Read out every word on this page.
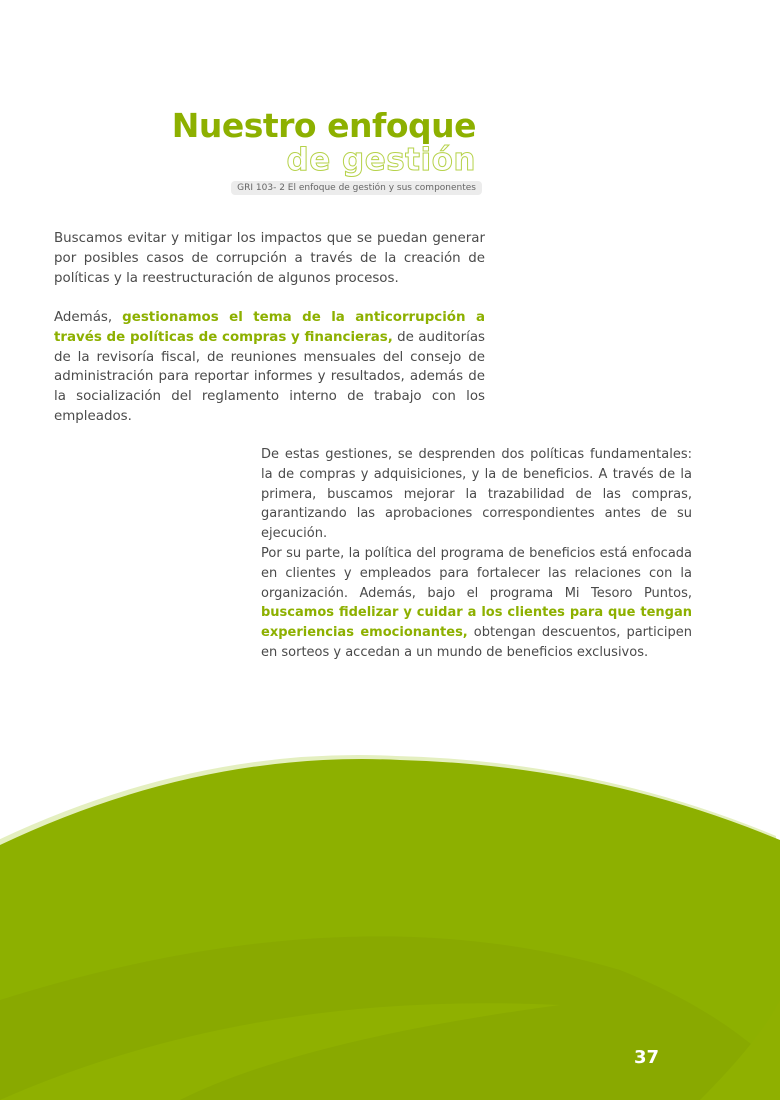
Nuestro enfoque
de gestión
GRI 103- 2 El enfoque de gestión y sus componentes

Buscamos evitar y mitigar los impactos que se puedan generar por posibles casos de corrupción a través de la creación de políticas y la reestructuración de algunos procesos.

Además, gestionamos el tema de la anticorrupción a través de políticas de compras y financieras, de auditorías de la revisoría fiscal, de reuniones mensuales del consejo de administración para reportar informes y resultados, además de la socialización del reglamento interno de trabajo con los empleados.

De estas gestiones, se desprenden dos políticas fundamentales: la de compras y adquisiciones, y la de beneficios. A través de la primera, buscamos mejorar la trazabilidad de las compras, garantizando las aprobaciones correspondientes antes de su ejecución.

Por su parte, la política del programa de beneficios está enfocada en clientes y empleados para fortalecer las relaciones con la organización. Además, bajo el programa Mi Tesoro Puntos, buscamos fidelizar y cuidar a los clientes para que tengan experiencias emocionantes, obtengan descuentos, participen en sorteos y accedan a un mundo de beneficios exclusivos.

37
